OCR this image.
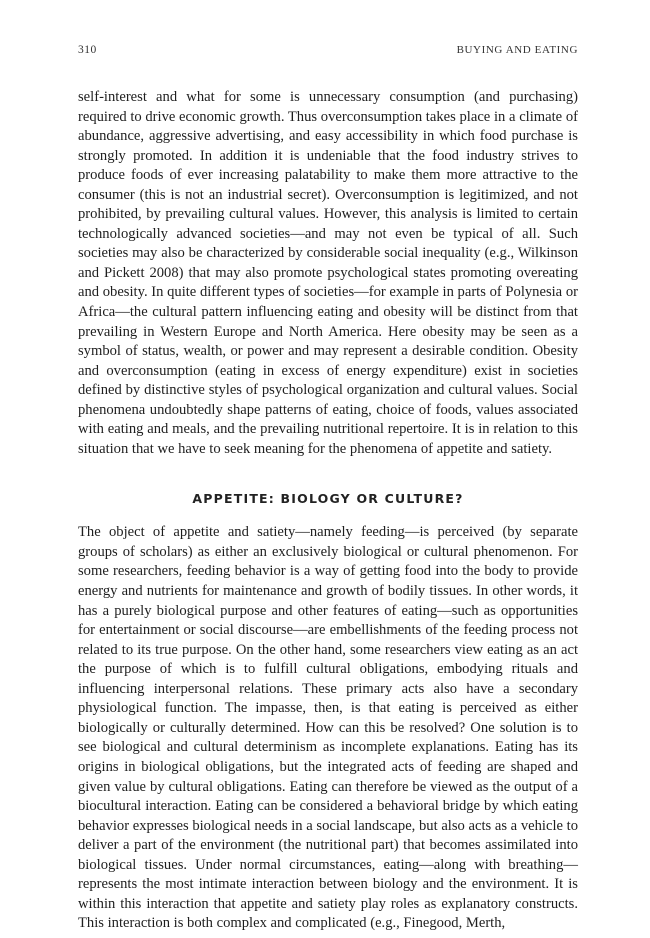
310	BUYING AND EATING

self-interest and what for some is unnecessary consumption (and purchasing) required to drive economic growth. Thus overconsumption takes place in a climate of abundance, aggressive advertising, and easy accessibility in which food purchase is strongly promoted. In addition it is undeniable that the food industry strives to produce foods of ever increasing palatability to make them more attractive to the consumer (this is not an industrial secret). Overconsumption is legitimized, and not prohibited, by prevailing cultural values. However, this analysis is limited to certain technologically advanced societies—and may not even be typical of all. Such societies may also be characterized by considerable social inequality (e.g., Wilkinson and Pickett 2008) that may also promote psychological states promoting overeating and obesity. In quite different types of societies—for example in parts of Polynesia or Africa—the cultural pattern influencing eating and obesity will be distinct from that prevailing in Western Europe and North America. Here obesity may be seen as a symbol of status, wealth, or power and may represent a desirable condition. Obesity and overconsumption (eating in excess of energy expenditure) exist in societies defined by distinctive styles of psychological organization and cultural values. Social phenomena undoubtedly shape patterns of eating, choice of foods, values associated with eating and meals, and the prevailing nutritional repertoire. It is in relation to this situation that we have to seek meaning for the phenomena of appetite and satiety.

APPETITE: BIOLOGY OR CULTURE?

The object of appetite and satiety—namely feeding—is perceived (by separate groups of scholars) as either an exclusively biological or cultural phenomenon. For some researchers, feeding behavior is a way of getting food into the body to provide energy and nutrients for maintenance and growth of bodily tissues. In other words, it has a purely biological purpose and other features of eating—such as opportunities for entertainment or social discourse—are embellishments of the feeding process not related to its true purpose. On the other hand, some researchers view eating as an act the purpose of which is to fulfill cultural obligations, embodying rituals and influencing interpersonal relations. These primary acts also have a secondary physiological function. The impasse, then, is that eating is perceived as either biologically or culturally determined. How can this be resolved? One solution is to see biological and cultural determinism as incomplete explanations. Eating has its origins in biological obligations, but the integrated acts of feeding are shaped and given value by cultural obligations. Eating can therefore be viewed as the output of a biocultural interaction. Eating can be considered a behavioral bridge by which eating behavior expresses biological needs in a social landscape, but also acts as a vehicle to deliver a part of the environment (the nutritional part) that becomes assimilated into biological tissues. Under normal circumstances, eating—along with breathing—represents the most intimate interaction between biology and the environment. It is within this interaction that appetite and satiety play roles as explanatory constructs. This interaction is both complex and complicated (e.g., Finegood, Merth,
